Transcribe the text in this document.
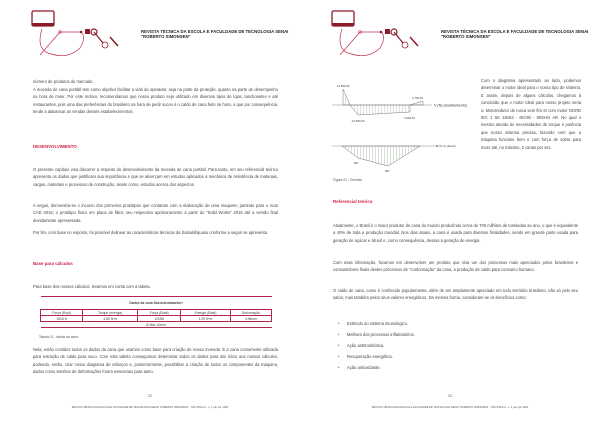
REVISTA TÉCNICA DA ESCOLA E FACULDADE DE TECNOLOGIA SENAI "ROBERTO SIMONSEN"
número de produtos do mercado.
A moenda de cana portátil tem como objetivo facilitar a vida do operador, seja na parte da proteção, quanto na parte de desempenho na hora de moer. Por este motivo, recomendamos que nosso produto seja utilizado em diversos tipos de lojas, lanchonetes e até restaurantes, pois uma das preferências do brasileiro na hora de pedir sucos é o caldo de cana feito na hora, o que por consequência, tende a alavancar as vendas desses estabelecimentos.
DESENVOLVIMENTO
O presente capítulo visa discorrer a respeito do desenvolvimento da moenda de cana portátil. Para tanto, em seu referencial teórico apresenta os dados que justificam sua importância e que se alicerçam em estudos aplicados à mecânica de resistência de materiais, cargas, materiais e processos de construção, assim como, estudos acerca dos aspectos.
A seguir, demonstra-se o incurso dos primeiros protótipos que contaram com a elaboração de uma maquete; partindo para o Auto CAD 2016; o protótipo físico em placa de fibra; seu respectivo aprimoramento a partir do "Solid Works" 2016 até a versão final devidamente apresentada.
Por fim, com base no exposto, foi possível delinear as características técnicas da Satoukibijuusu conforme a seguir se apresenta.
Base para cálculos
Para base dos nossos cálculos, levamos em conta com a tabela.
Dados da cana Saccharumbarberi				
Força (Rupt)	Torque (energia)	Força (Elast)	Energia (Elast)	Deformação
1818 N	4,85 N*m	1205N	1,29 N*m	4,96mm
Ø Max 40mm				
Tabela 01 - dados da cana.
Nela, estão contidos todos os dados da cana que usamos como base para criação de nossa moenda. É a cana comumente utilizada para extração de caldo para suco. Com esta tabela conseguimos determinar todos os dados para dar início aos nossos cálculos, podendo, então, criar nosso diagrama de esforços e, posteriormente, possibilitar a criação de todos os componentes da máquina, dados como tensões de deformações foram essenciais para tanto.
22
REVISTA TÉCNICA DA ESCOLA E FACULDADE DE TECNOLOGIA SENAI "ROBERTO SIMONSEN" - SÃO PAULO - v. 1, jan./jul. 2020
REVISTA TÉCNICA DA ESCOLA E FACULDADE DE TECNOLOGIA SENAI "ROBERTO SIMONSEN"
12.800,00
-16.850,00
3.900,50
2.700,00
V (N) (cisalhamento)
M (N.m) (Fletor)
987
987
Figura 01 - Tensões.
Com o diagrama apresentado ao lado, podemos determinar o motor ideal para o nosso tipo de sistema. E assim, depois de alguns cálculos, chegamos à conclusão que o motor ideal para nosso projeto seria o: Motorredutor de rosca sem fim SI com motor NORD IEC 1 SK 18163 - IEC90 - 90SH/4 AR. No qual o mesmo atende às necessidades de torque e potência que nosso sistema precisa, fazendo com que a máquina funcione bem e com força de sobra para moer até, no máximo, 2 canas por vez.
Referencial teórico
Atualmente, o Brasil é o maior produtor de cana do mundo produzindo cerca de 700 milhões de toneladas ao ano, o que é equivalente a 40% de toda a produção mundial. Nos dias atuais, a cana é usada para diversas finalidades, sendo em grande parte usada para geração de açúcar e álcool e, como consequência, dessas a geração de energia.
Com essa informação, focamos em desenvolver um produto que visa um dos processos mais apreciados pelos brasileiros e consumidores finais destes processos de "conformação" da cana, a produção de caldo para consumo humano.
O caldo de cana, como é conhecido popularmente, além de ser amplamente apreciado em todo território brasileiro, não só pelo seu sabor, mas também pelos seus valores energéticos. Da mesma forma, consideram-se os benefícios como:
• Estímulo ao sistema imunológico.
• Melhora dos processos inflamatórios.
• Ação antitrombótica.
• Recuperação energética.
• Ação antioxidante.
23
REVISTA TÉCNICA DA ESCOLA E FACULDADE DE TECNOLOGIA SENAI "ROBERTO SIMONSEN" - SÃO PAULO - v. 1, jan./jul. 2020
